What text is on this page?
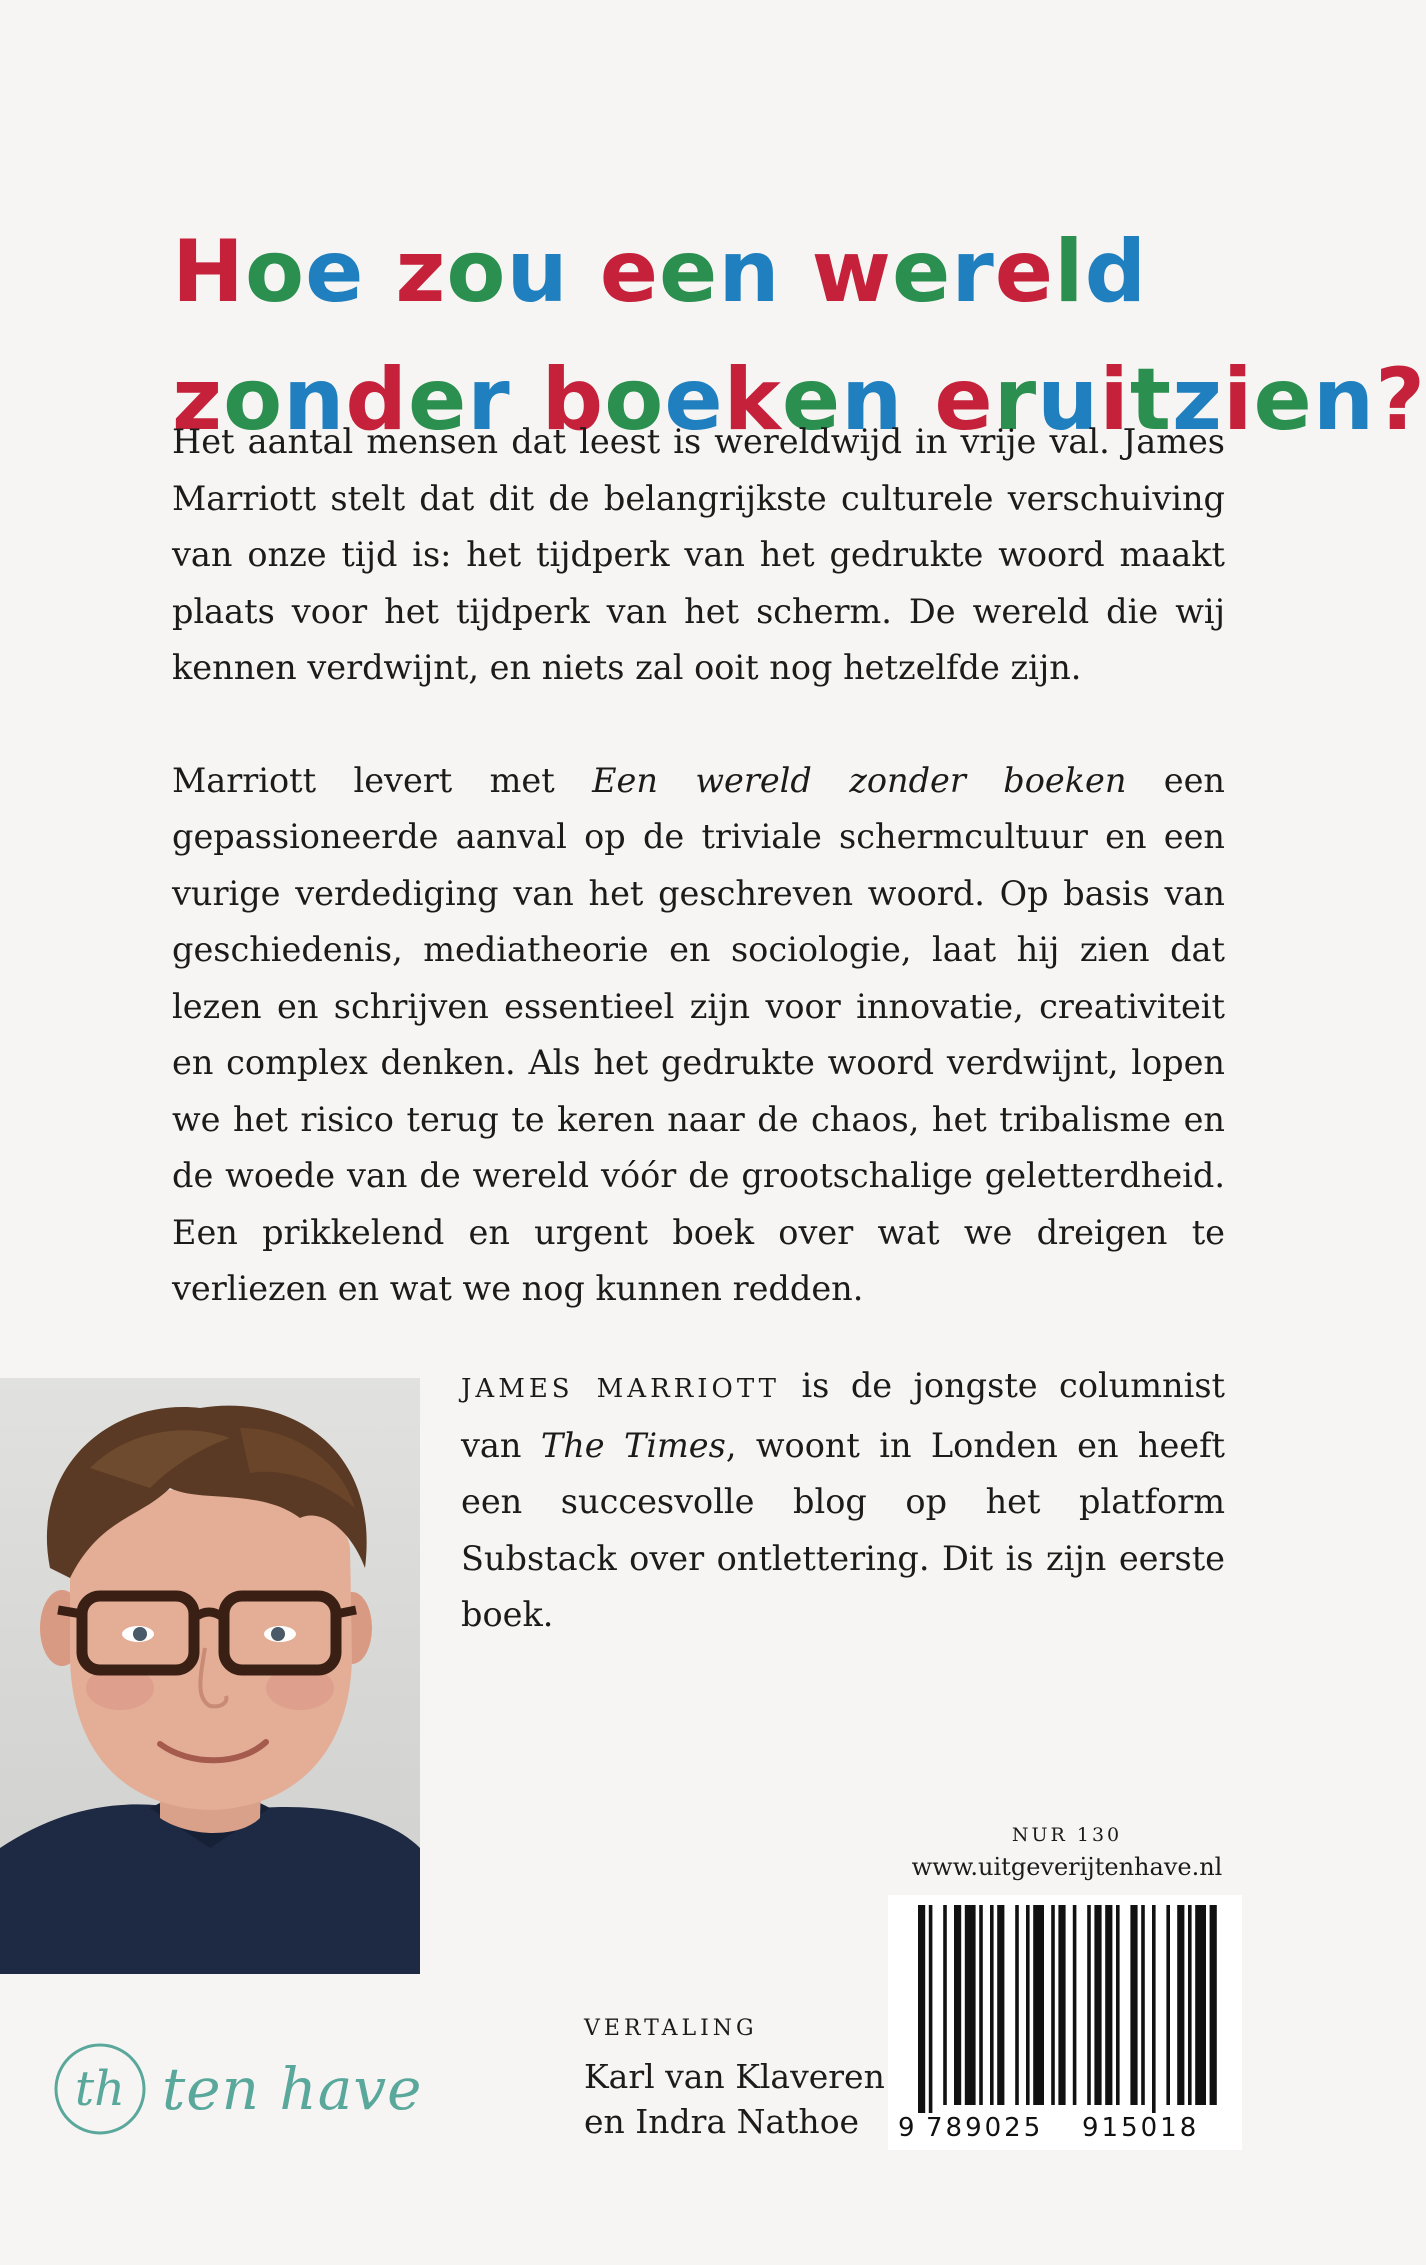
Hoe zou een wereld
zonder boeken eruitzien?

Het aantal mensen dat leest is wereldwijd in vrije val. James Marriott stelt dat dit de belangrijkste culturele verschuiving van onze tijd is: het tijdperk van het gedrukte woord maakt plaats voor het tijdperk van het scherm. De wereld die wij kennen verdwijnt, en niets zal ooit nog hetzelfde zijn.

Marriott levert met Een wereld zonder boeken een gepassioneerde aanval op de triviale schermcultuur en een vurige verdediging van het geschreven woord. Op basis van geschiedenis, mediatheorie en sociologie, laat hij zien dat lezen en schrijven essentieel zijn voor innovatie, creativiteit en complex denken. Als het gedrukte woord verdwijnt, lopen we het risico terug te keren naar de chaos, het tribalisme en de woede van de wereld vóór de grootschalige geletterdheid. Een prikkelend en urgent boek over wat we dreigen te verliezen en wat we nog kunnen redden.

JAMES MARRIOTT is de jongste columnist van The Times, woont in Londen en heeft een succesvolle blog op het platform Substack over ontlettering. Dit is zijn eerste boek.

th ten have
VERTALING

Karl van Klaveren

en Indra Nathoe

NUR 130
www.uitgeverijtenhave.nl
9 789025 915018
